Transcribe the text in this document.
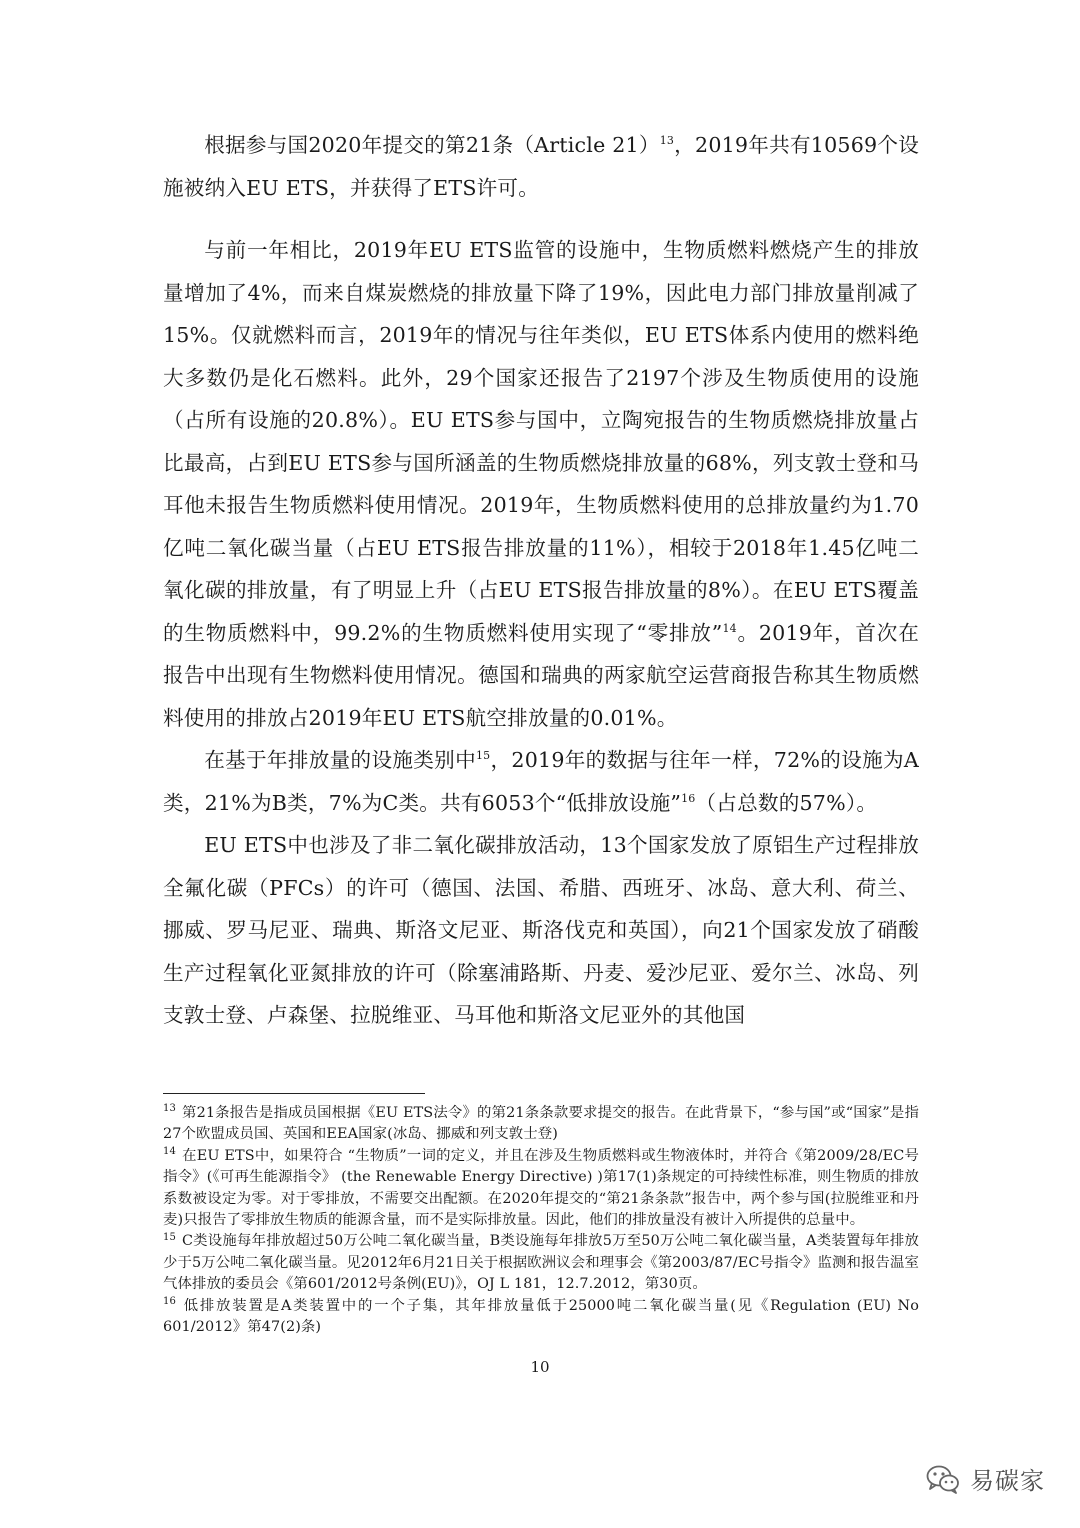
根据参与国2020年提交的第21条（Article 21）$^{13}$，2019年共有10569个设施被纳入EU ETS，并获得了ETS许可。

与前一年相比，2019年EU ETS监管的设施中，生物质燃料燃烧产生的排放量增加了4%，而来自煤炭燃烧的排放量下降了19%，因此电力部门排放量削减了15%。仅就燃料而言，2019年的情况与往年类似，EU ETS体系内使用的燃料绝大多数仍是化石燃料。此外，29个国家还报告了2197个涉及生物质使用的设施（占所有设施的20.8%）。EU ETS参与国中，立陶宛报告的生物质燃烧排放量占比最高，占到EU ETS参与国所涵盖的生物质燃烧排放量的68%，列支敦士登和马耳他未报告生物质燃料使用情况。2019年，生物质燃料使用的总排放量约为1.70亿吨二氧化碳当量（占EU ETS报告排放量的11%），相较于2018年1.45亿吨二氧化碳的排放量，有了明显上升（占EU ETS报告排放量的8%）。在EU ETS覆盖的生物质燃料中，99.2%的生物质燃料使用实现了“零排放”$^{14}$。2019年，首次在报告中出现有生物燃料使用情况。德国和瑞典的两家航空运营商报告称其生物质燃料使用的排放占2019年EU ETS航空排放量的0.01%。

在基于年排放量的设施类别中$^{15}$，2019年的数据与往年一样，72%的设施为A类，21%为B类，7%为C类。共有6053个“低排放设施”$^{16}$（占总数的57%）。

EU ETS中也涉及了非二氧化碳排放活动，13个国家发放了原铝生产过程排放全氟化碳（PFCs）的许可（德国、法国、希腊、西班牙、冰岛、意大利、荷兰、挪威、罗马尼亚、瑞典、斯洛文尼亚、斯洛伐克和英国），向21个国家发放了硝酸生产过程氧化亚氮排放的许可（除塞浦路斯、丹麦、爱沙尼亚、爱尔兰、冰岛、列支敦士登、卢森堡、拉脱维亚、马耳他和斯洛文尼亚外的其他国

$^{13}$ 第21条报告是指成员国根据《EU ETS法令》的第21条条款要求提交的报告。在此背景下，“参与国”或“国家”是指27个欧盟成员国、英国和EEA国家(冰岛、挪威和列支敦士登)

$^{14}$ 在EU ETS中，如果符合 “生物质”一词的定义，并且在涉及生物质燃料或生物液体时，并符合《第2009/28/EC号指令》(《可再生能源指令》 (the Renewable Energy Directive) )第17(1)条规定的可持续性标准，则生物质的排放系数被设定为零。对于零排放，不需要交出配额。在2020年提交的“第21条条款”报告中，两个参与国(拉脱维亚和丹麦)只报告了零排放生物质的能源含量，而不是实际排放量。因此，他们的排放量没有被计入所提供的总量中。

$^{15}$ C类设施每年排放超过50万公吨二氧化碳当量，B类设施每年排放5万至50万公吨二氧化碳当量，A类装置每年排放少于5万公吨二氧化碳当量。见2012年6月21日关于根据欧洲议会和理事会《第2003/87/EC号指令》监测和报告温室气体排放的委员会《第601/2012号条例(EU)》，OJ L 181，12.7.2012，第30页。

$^{16}$ 低排放装置是A类装置中的一个子集，其年排放量低于25000吨二氧化碳当量(见《Regulation (EU) No 601/2012》第47(2)条)

10
易碳家
